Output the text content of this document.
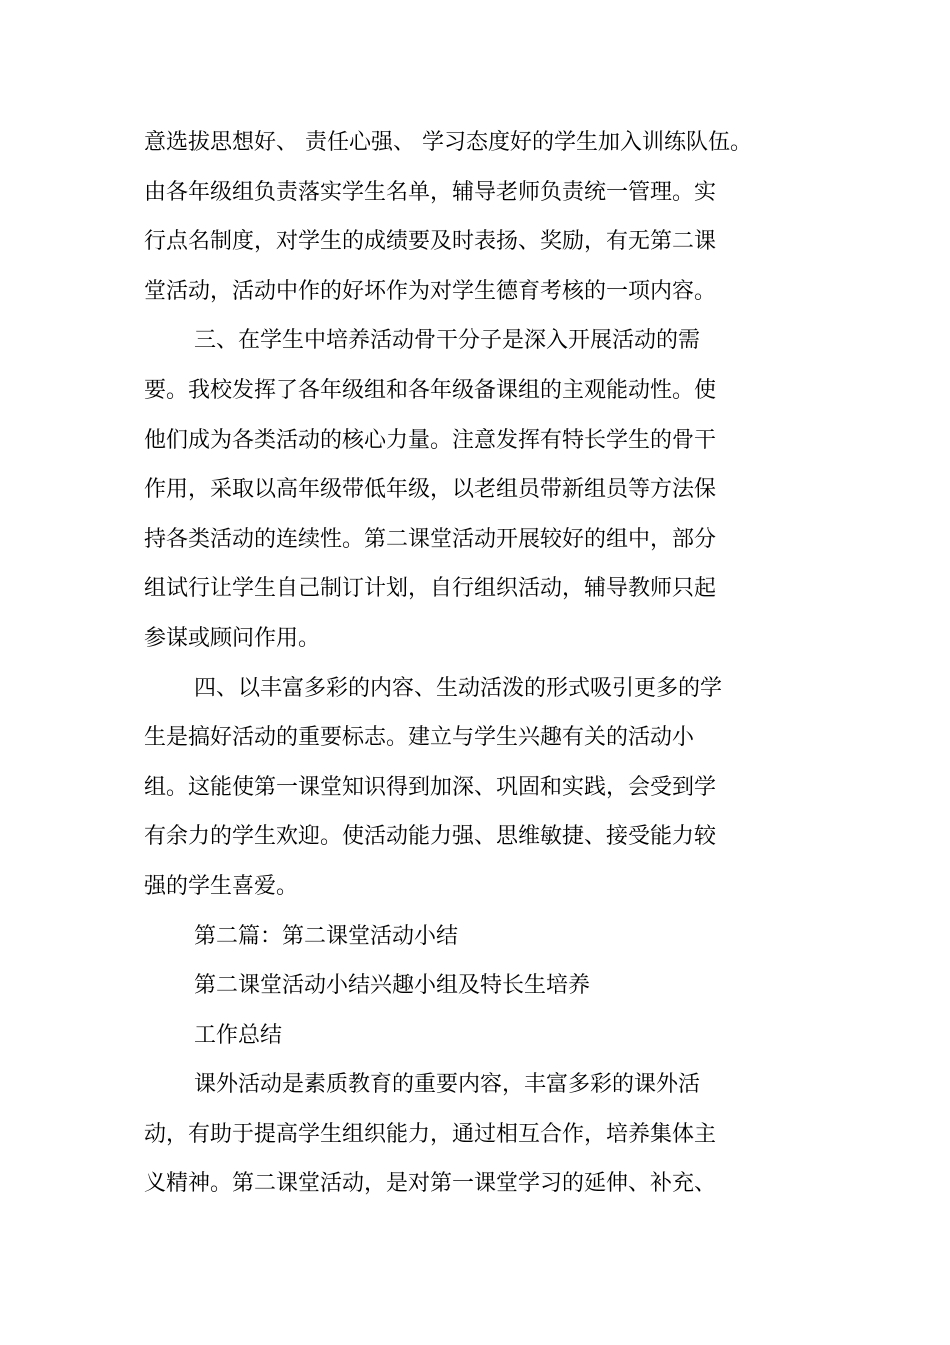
意选拔思想好、 责任心强、 学习态度好的学生加入训练队伍。
由各年级组负责落实学生名单，辅导老师负责统一管理。实
行点名制度，对学生的成绩要及时表扬、奖励，有无第二课
堂活动，活动中作的好坏作为对学生德育考核的一项内容。
三、在学生中培养活动骨干分子是深入开展活动的需
要。我校发挥了各年级组和各年级备课组的主观能动性。使
他们成为各类活动的核心力量。注意发挥有特长学生的骨干
作用，采取以高年级带低年级，以老组员带新组员等方法保
持各类活动的连续性。第二课堂活动开展较好的组中，部分
组试行让学生自己制订计划，自行组织活动，辅导教师只起
参谋或顾问作用。
四、以丰富多彩的内容、生动活泼的形式吸引更多的学
生是搞好活动的重要标志。建立与学生兴趣有关的活动小
组。这能使第一课堂知识得到加深、巩固和实践，会受到学
有余力的学生欢迎。使活动能力强、思维敏捷、接受能力较
强的学生喜爱。
第二篇：第二课堂活动小结
第二课堂活动小结兴趣小组及特长生培养
工作总结
课外活动是素质教育的重要内容，丰富多彩的课外活
动，有助于提高学生组织能力，通过相互合作，培养集体主
义精神。第二课堂活动，是对第一课堂学习的延伸、补充、
